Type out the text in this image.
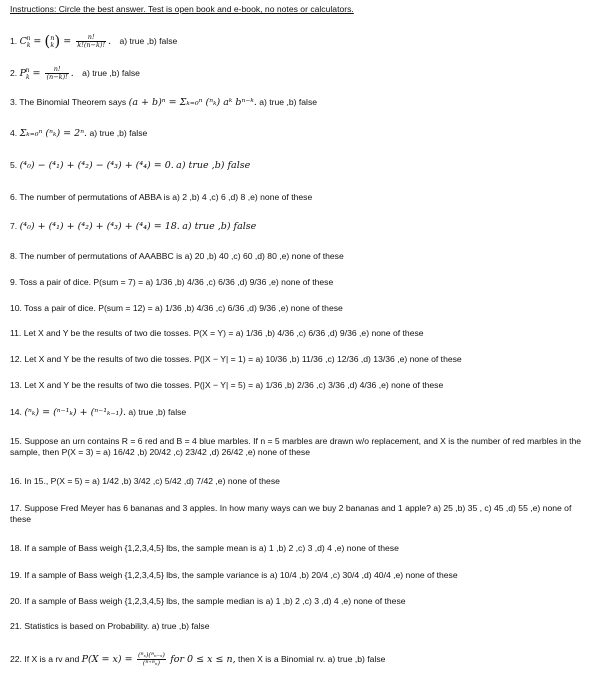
Instructions: Circle the best answer. Test is open book and e-book, no notes or calculators.
1. $C_k^n$ = ( n
k ) = $\frac{n!}{k!(n-k)!}$ . a) true ,b) false
2. $P_k^n = \frac{n!}{(n-k)!}$ . a) true ,b) false
3. The Binomial Theorem says (a + b)ⁿ = Σₖ₌₀ⁿ (ⁿₖ) aᵏ bⁿ⁻ᵏ. a) true ,b) false
4. Σₖ₌₀ⁿ (ⁿₖ) = 2ⁿ. a) true ,b) false
5. (⁴₀) − (⁴₁) + (⁴₂) − (⁴₃) + (⁴₄) = 0. a) true ,b) false
6. The number of permutations of ABBA is a) 2 ,b) 4 ,c) 6 ,d) 8 ,e) none of these
7. (⁴₀) + (⁴₁) + (⁴₂) + (⁴₃) + (⁴₄) = 18. a) true ,b) false
8. The number of permutations of AAABBC is a) 20 ,b) 40 ,c) 60 ,d) 80 ,e) none of these
9. Toss a pair of dice. P(sum = 7) = a) 1/36 ,b) 4/36 ,c) 6/36 ,d) 9/36 ,e) none of these
10. Toss a pair of dice. P(sum = 12) = a) 1/36 ,b) 4/36 ,c) 6/36 ,d) 9/36 ,e) none of these
11. Let X and Y be the results of two die tosses. P(X = Y) = a) 1/36 ,b) 4/36 ,c) 6/36 ,d) 9/36 ,e) none of these
12. Let X and Y be the results of two die tosses. P(|X − Y| = 1) = a) 10/36 ,b) 11/36 ,c) 12/36 ,d) 13/36 ,e) none of these
13. Let X and Y be the results of two die tosses. P(|X − Y| = 5) = a) 1/36 ,b) 2/36 ,c) 3/36 ,d) 4/36 ,e) none of these
14. (ⁿₖ) = (ⁿ⁻¹ₖ) + (ⁿ⁻¹ₖ₋₁). a) true ,b) false
15. Suppose an urn contains R = 6 red and B = 4 blue marbles. If n = 5 marbles are drawn w/o replacement, and X is the number of red marbles in the sample, then P(X = 3) = a) 16/42 ,b) 20/42 ,c) 23/42 ,d) 26/42 ,e) none of these
16. In 15., P(X = 5) = a) 1/42 ,b) 3/42 ,c) 5/42 ,d) 7/42 ,e) none of these
17. Suppose Fred Meyer has 6 bananas and 3 apples. In how many ways can we buy 2 bananas and 1 apple? a) 25 ,b) 35 , c) 45 ,d) 55 ,e) none of these
18. If a sample of Bass weigh {1,2,3,4,5} lbs, the sample mean is a) 1 ,b) 2 ,c) 3 ,d) 4 ,e) none of these
19. If a sample of Bass weigh {1,2,3,4,5} lbs, the sample variance is a) 10/4 ,b) 20/4 ,c) 30/4 ,d) 40/4 ,e) none of these
20. If a sample of Bass weigh {1,2,3,4,5} lbs, the sample median is a) 1 ,b) 2 ,c) 3 ,d) 4 ,e) none of these
21. Statistics is based on Probability. a) true ,b) false
22. If X is a rv and $P(X = x) = \frac{\text{(ᴿₓ)(ᴮₙ₋ₓ)}}{\text{(ᴿ⁺ᴮₙ)}}$ for 0 ≤ x ≤ n, then X is a Binomial rv. a) true ,b) false
